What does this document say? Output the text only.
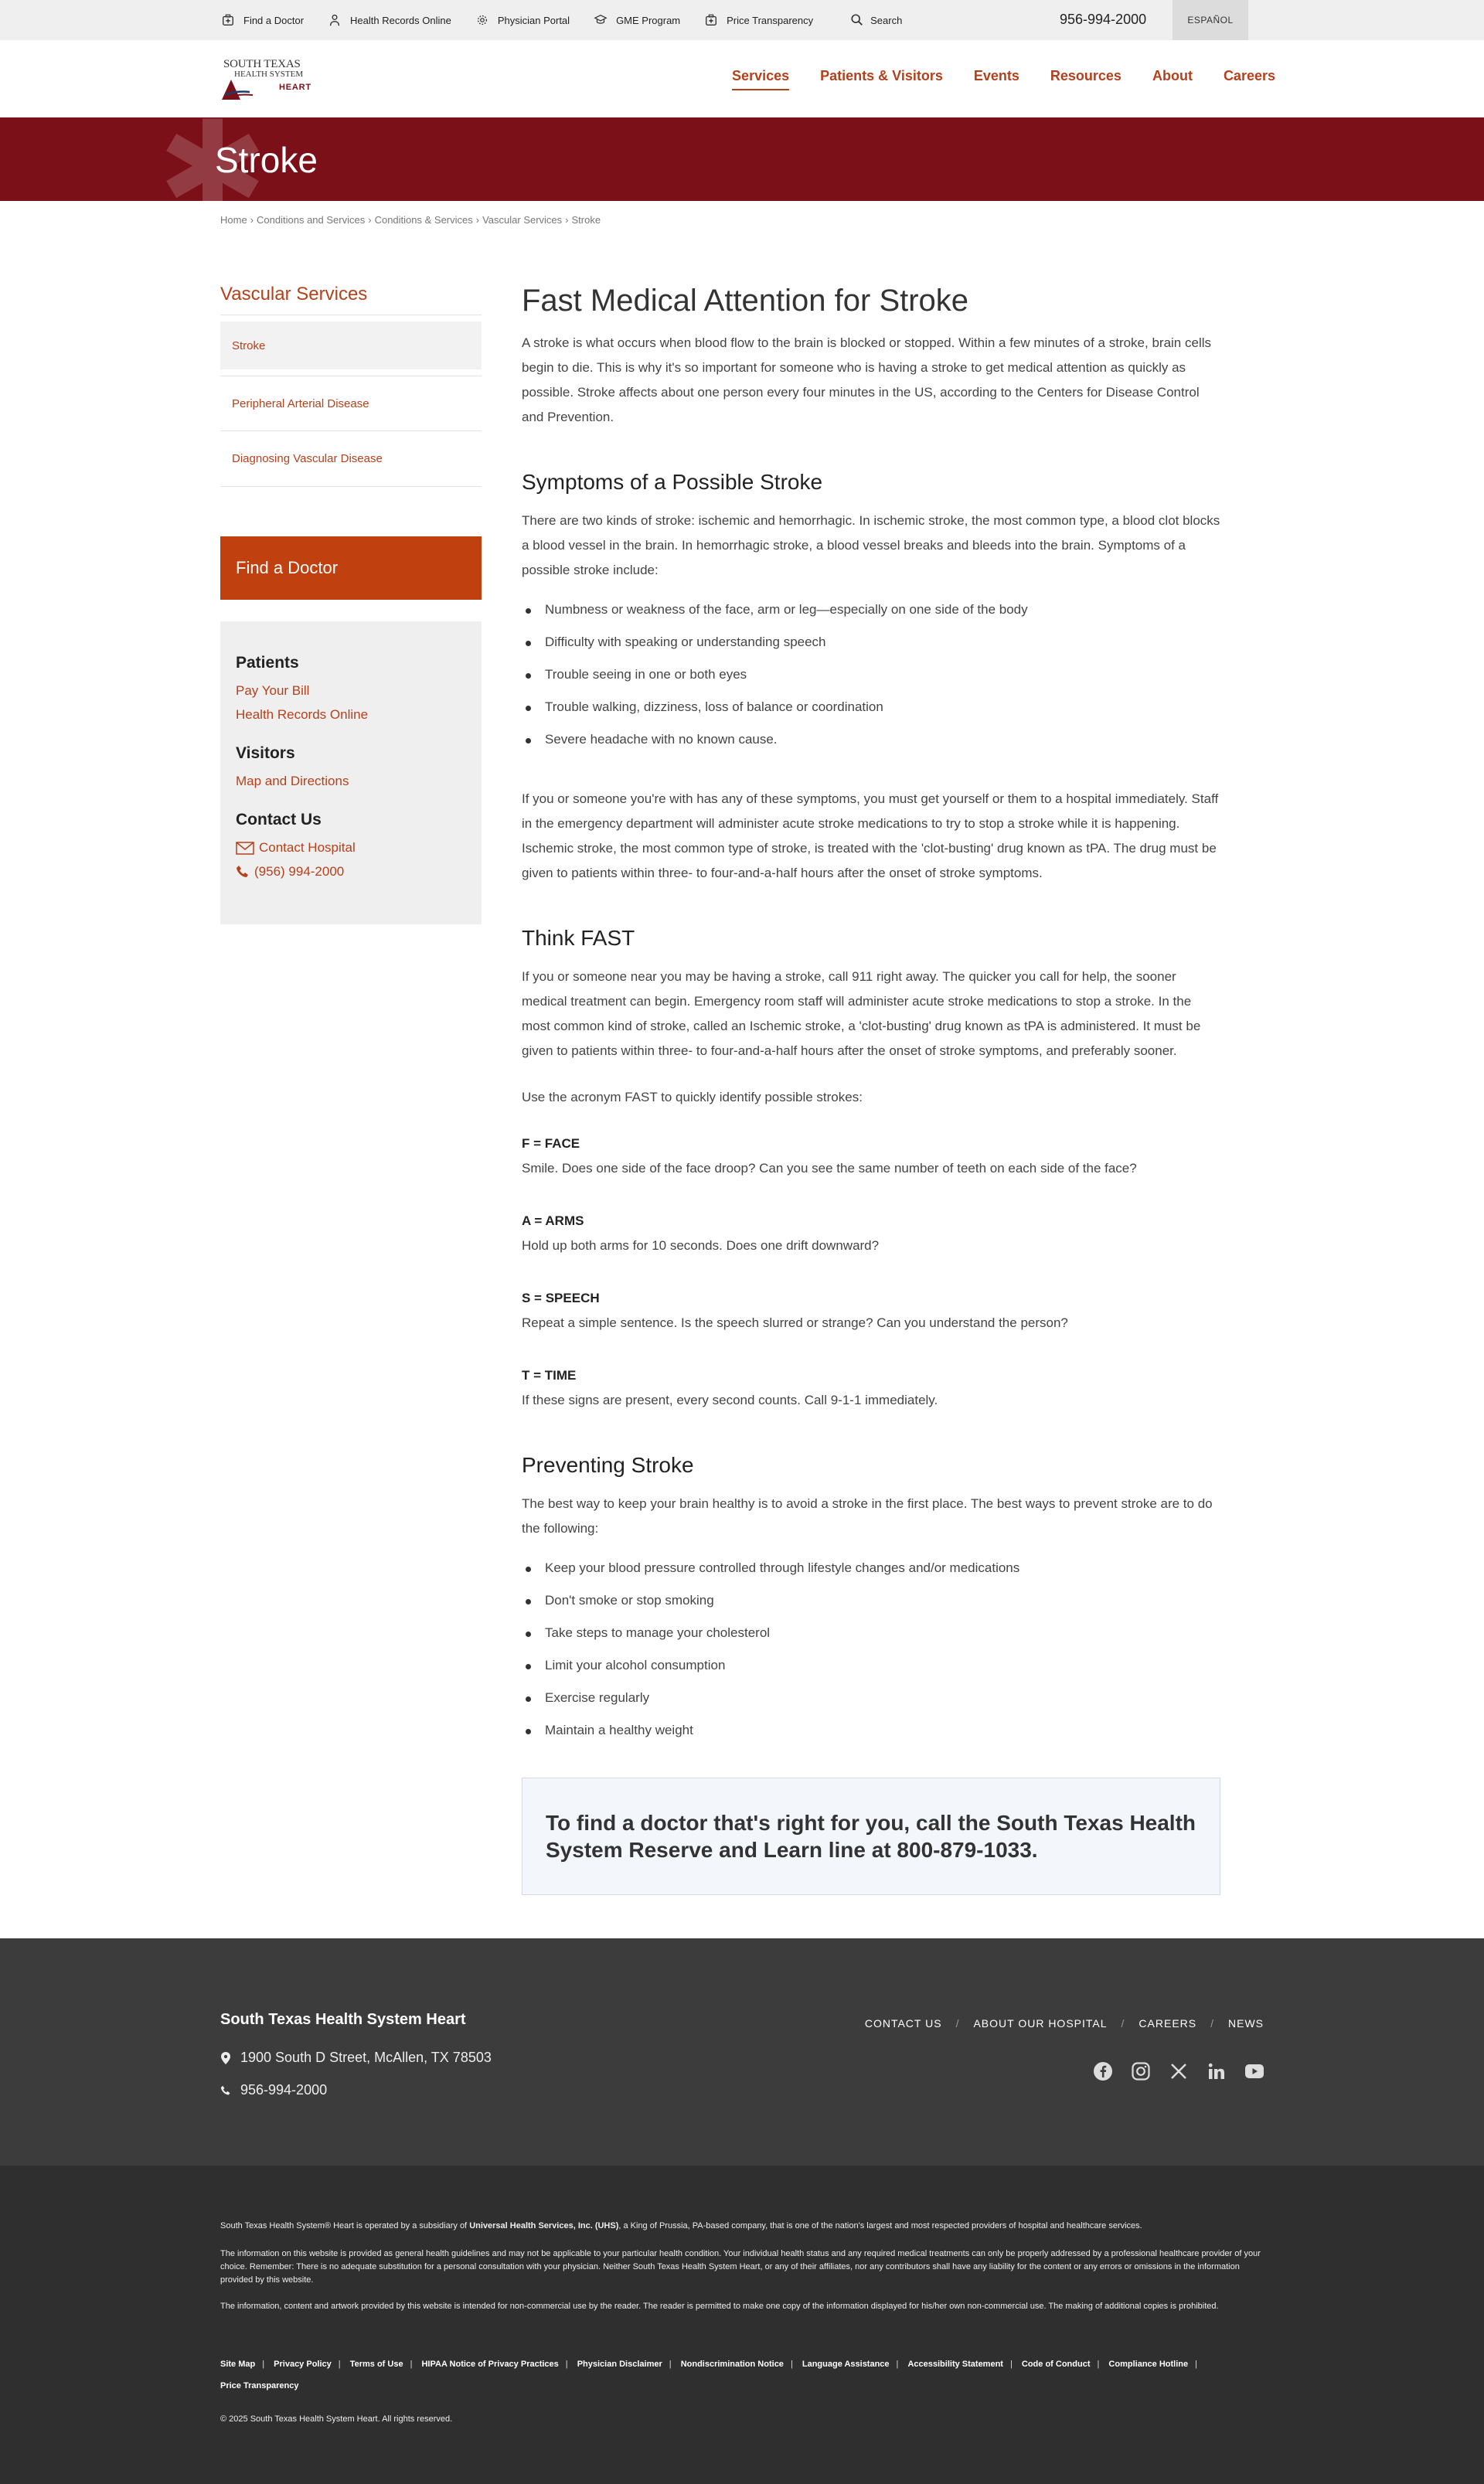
Find a Doctor	Health Records Online	Physician Portal	GME Program	Price Transparency	Search	956-994-2000	ESPAÑOL
SOUTH TEXAS
HEALTH SYSTEM
HEART
Services Patients & Visitors Events Resources About Careers
Stroke
Home › Conditions and Services › Conditions & Services › Vascular Services › Stroke
Vascular Services
Stroke
Peripheral Arterial Disease
Diagnosing Vascular Disease
Find a Doctor
Patients
Pay Your Bill
Health Records Online
Visitors
Map and Directions
Contact Us
Contact Hospital
(956) 994-2000
Fast Medical Attention for Stroke

A stroke is what occurs when blood flow to the brain is blocked or stopped. Within a few minutes of a stroke, brain cells begin to die. This is why it's so important for someone who is having a stroke to get medical attention as quickly as possible. Stroke affects about one person every four minutes in the US, according to the Centers for Disease Control and Prevention.

Symptoms of a Possible Stroke

There are two kinds of stroke: ischemic and hemorrhagic. In ischemic stroke, the most common type, a blood clot blocks a blood vessel in the brain. In hemorrhagic stroke, a blood vessel breaks and bleeds into the brain. Symptoms of a possible stroke include:

Numbness or weakness of the face, arm or leg—especially on one side of the body
Difficulty with speaking or understanding speech
Trouble seeing in one or both eyes
Trouble walking, dizziness, loss of balance or coordination
Severe headache with no known cause.

If you or someone you're with has any of these symptoms, you must get yourself or them to a hospital immediately. Staff in the emergency department will administer acute stroke medications to try to stop a stroke while it is happening. Ischemic stroke, the most common type of stroke, is treated with the 'clot-busting' drug known as tPA. The drug must be given to patients within three- to four-and-a-half hours after the onset of stroke symptoms.

Think FAST

If you or someone near you may be having a stroke, call 911 right away. The quicker you call for help, the sooner medical treatment can begin. Emergency room staff will administer acute stroke medications to stop a stroke. In the most common kind of stroke, called an Ischemic stroke, a 'clot-busting' drug known as tPA is administered. It must be given to patients within three- to four-and-a-half hours after the onset of stroke symptoms, and preferably sooner.

Use the acronym FAST to quickly identify possible strokes:

F = FACE
Smile. Does one side of the face droop? Can you see the same number of teeth on each side of the face?
A = ARMS
Hold up both arms for 10 seconds. Does one drift downward?
S = SPEECH
Repeat a simple sentence. Is the speech slurred or strange? Can you understand the person?
T = TIME
If these signs are present, every second counts. Call 9-1-1 immediately.
Preventing Stroke

The best way to keep your brain healthy is to avoid a stroke in the first place. The best ways to prevent stroke are to do the following:

Keep your blood pressure controlled through lifestyle changes and/or medications
Don't smoke or stop smoking
Take steps to manage your cholesterol
Limit your alcohol consumption
Exercise regularly
Maintain a healthy weight

To find a doctor that's right for you, call the South Texas Health System Reserve and Learn line at 800-879-1033.

South Texas Health System Heart
1900 South D Street, McAllen, TX 78503
956-994-2000
CONTACT US / ABOUT OUR HOSPITAL / CAREERS / NEWS
South Texas Health System® Heart is operated by a subsidiary of Universal Health Services, Inc. (UHS), a King of Prussia, PA-based company, that is one of the nation's largest and most respected providers of hospital and healthcare services.
The information on this website is provided as general health guidelines and may not be applicable to your particular health condition. Your individual health status and any required medical treatments can only be properly addressed by a professional healthcare provider of your choice. Remember: There is no adequate substitution for a personal consultation with your physician. Neither South Texas Health System Heart, or any of their affiliates, nor any contributors shall have any liability for the content or any errors or omissions in the information provided by this website.
The information, content and artwork provided by this website is intended for non-commercial use by the reader. The reader is permitted to make one copy of the information displayed for his/her own non-commercial use. The making of additional copies is prohibited.
Site Map | Privacy Policy | Terms of Use | HIPAA Notice of Privacy Practices | Physician Disclaimer | Nondiscrimination Notice | Language Assistance | Accessibility Statement | Code of Conduct | Compliance Hotline |
Price Transparency
© 2025 South Texas Health System Heart. All rights reserved.
